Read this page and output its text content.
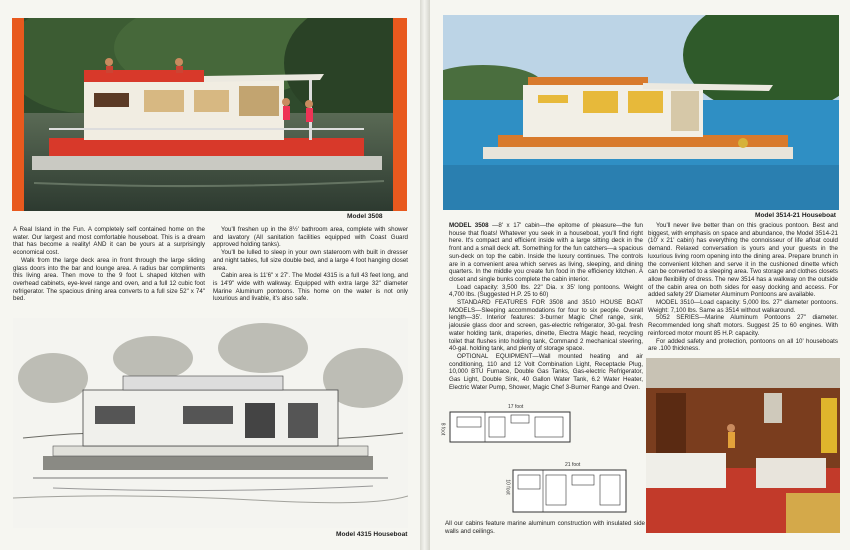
Model 3508

A Real Island in the Fun. A completely self contained home on the water. Our largest and most comfortable houseboat. This is a dream that has become a reality! AND it can be yours at a surprisingly economical cost.

Walk from the large deck area in front through the large sliding glass doors into the bar and lounge area. A radius bar compliments this living area. Then move to the 9 foot L shaped kitchen with overhead cabinets, eye-level range and oven, and a full 12 cubic foot refrigerator. The spacious dining area converts to a full size 52" x 74" bed.

You'll freshen up in the 8½' bathroom area, complete with shower and lavatory (All sanitation facilities equipped with Coast Guard approved holding tanks).

You'll be lulled to sleep in your own stateroom with built in dresser and night tables, full size double bed, and a large 4 foot hanging closet area.

Cabin area is 11'6" x 27'. The Model 4315 is a full 43 feet long, and is 14'9" wide with walkway. Equipped with extra large 32" diameter Marine Aluminum pontoons. This home on the water is not only luxurious and livable, it's also safe.

Model 4315 Houseboat
Model 3514-21 Houseboat

MODEL 3508 —8' x 17' cabin—the epitome of pleasure—the fun house that floats! Whatever you seek in a houseboat, you'll find right here. It's compact and efficient inside with a large sitting deck in the front and a small deck aft. Something for the fun catchers—a spacious sun-deck on top the cabin. Inside the luxury continues. The controls are in a convenient area which serves as living, sleeping, and dining quarters. In the middle you create fun food in the efficiency kitchen. A closet and single bunks complete the cabin interior.

Load capacity: 3,500 lbs. 22" Dia. x 35' long pontoons. Weight 4,700 lbs. (Suggested H.P. 25 to 60)

STANDARD FEATURES FOR 3508 and 3510 HOUSE BOAT MODELS—Sleeping accommodations for four to six people. Overall length—35'. Interior features: 3-burner Magic Chef range, sink, jalousie glass door and screen, gas-electric refrigerator, 30-gal. fresh water holding tank, draperies, dinette, Electra Magic head, recycling toilet that flushes into holding tank, Command 2 mechanical steering, 40-gal. holding tank, and plenty of storage space.

OPTIONAL EQUIPMENT—Wall mounted heating and air conditioning, 110 and 12 Volt Combination Light, Receptacle Plug, 10,000 BTU Furnace, Double Gas Tanks, Gas-electric Refrigerator, Gas Light, Double Sink, 40 Gallon Water Tank, 6.2 Water Heater, Electric Water Pump, Shower, Magic Chef 3-Burner Range and Oven.

You'll never live better than on this gracious pontoon. Best and biggest, with emphasis on space and abundance, the Model 3514-21 (10' x 21' cabin) has everything the connoisseur of life afloat could demand. Relaxed conversation is yours and your guests in the luxurious living room opening into the dining area. Prepare brunch in the convenient kitchen and serve it in the cushioned dinette which can be converted to a sleeping area. Two storage and clothes closets allow flexibility of dress. The new 3514 has a walkway on the outside of the cabin area on both sides for easy docking and access. For added safety 29' Diameter Aluminum Pontoons are available.

MODEL 3510—Load capacity: 5,000 lbs. 27" diameter pontoons. Weight: 7,100 lbs. Same as 3514 without walkaround.

5052 SERIES—Marine Aluminum Pontoons 27" diameter. Recommended long shaft motors. Suggest 25 to 60 engines. With reinforced motor mount 85 H.P. capacity.

For added safety and protection, pontoons on all 10' houseboats are .100 thickness.

17 foot
8 foot
21 foot
10 foot

All our cabins feature marine aluminum construction with insulated side walls and ceilings.
